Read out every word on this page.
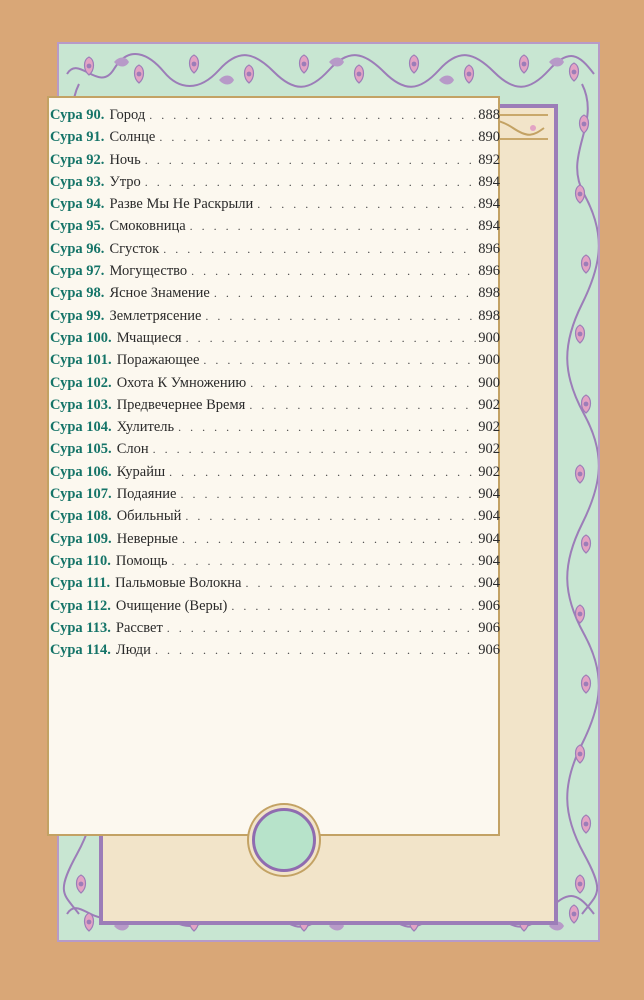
Сура 90. Город . . .	888
Сура 91. Солнце . . .	890
Сура 92. Ночь . . .	892
Сура 93. Утро . . .	894
Сура 94. Разве Мы Не Раскрыли . . .	894
Сура 95. Смоковница . . .	894
Сура 96. Сгусток . . .	896
Сура 97. Могущество . . .	896
Сура 98. Ясное Знамение . . .	898
Сура 99. Землетрясение . . .	898
Сура 100. Мчащиеся . . .	900
Сура 101. Поражающее . . .	900
Сура 102. Охота К Умножению . . .	900
Сура 103. Предвечернее Время . . .	902
Сура 104. Хулитель . . .	902
Сура 105. Слон . . .	902
Сура 106. Курайш . . .	902
Сура 107. Подаяние . . .	904
Сура 108. Обильный . . .	904
Сура 109. Неверные . . .	904
Сура 110. Помощь . . .	904
Сура 111. Пальмовые Волокна . . .	904
Сура 112. Очищение (Веры) . . .	906
Сура 113. Рассвет . . .	906
Сура 114. Люди . . .	906
